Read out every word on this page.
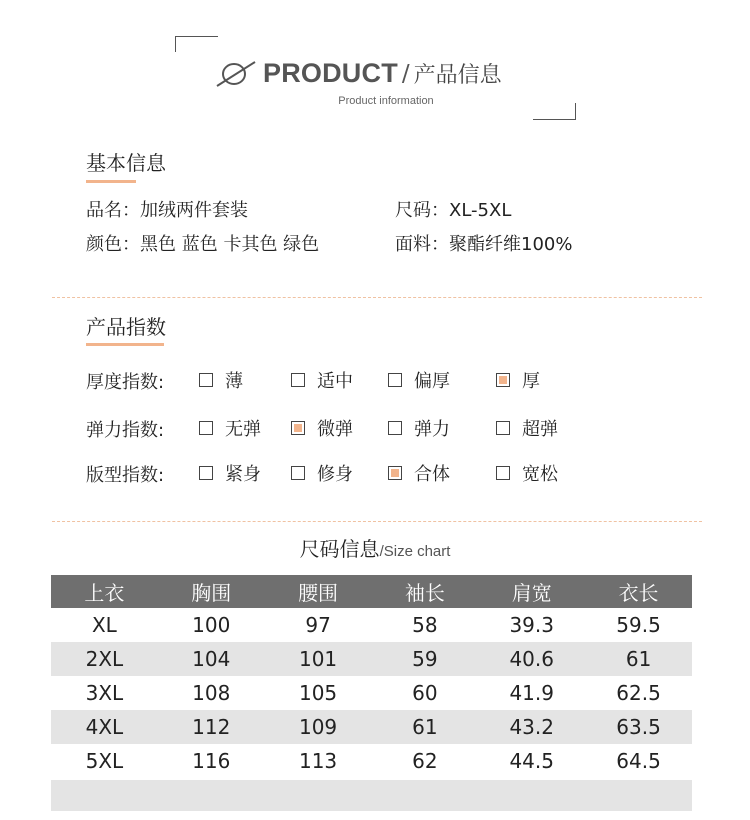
PRODUCT / 产品信息
Product information
基本信息
品名：加绒两件套装	尺码：XL-5XL
颜色：黑色 蓝色 卡其色 绿色	面料：聚酯纤维100%
产品指数
厚度指数:	薄	适中	偏厚	厚
弹力指数:	无弹	微弹	弹力	超弹
版型指数:	紧身	修身	合体	宽松
尺码信息/Size chart
上衣	胸围	腰围	袖长	肩宽	衣长
XL	100	97	58	39.3	59.5
2XL	104	101	59	40.6	61
3XL	108	105	60	41.9	62.5
4XL	112	109	61	43.2	63.5
5XL	116	113	62	44.5	64.5
